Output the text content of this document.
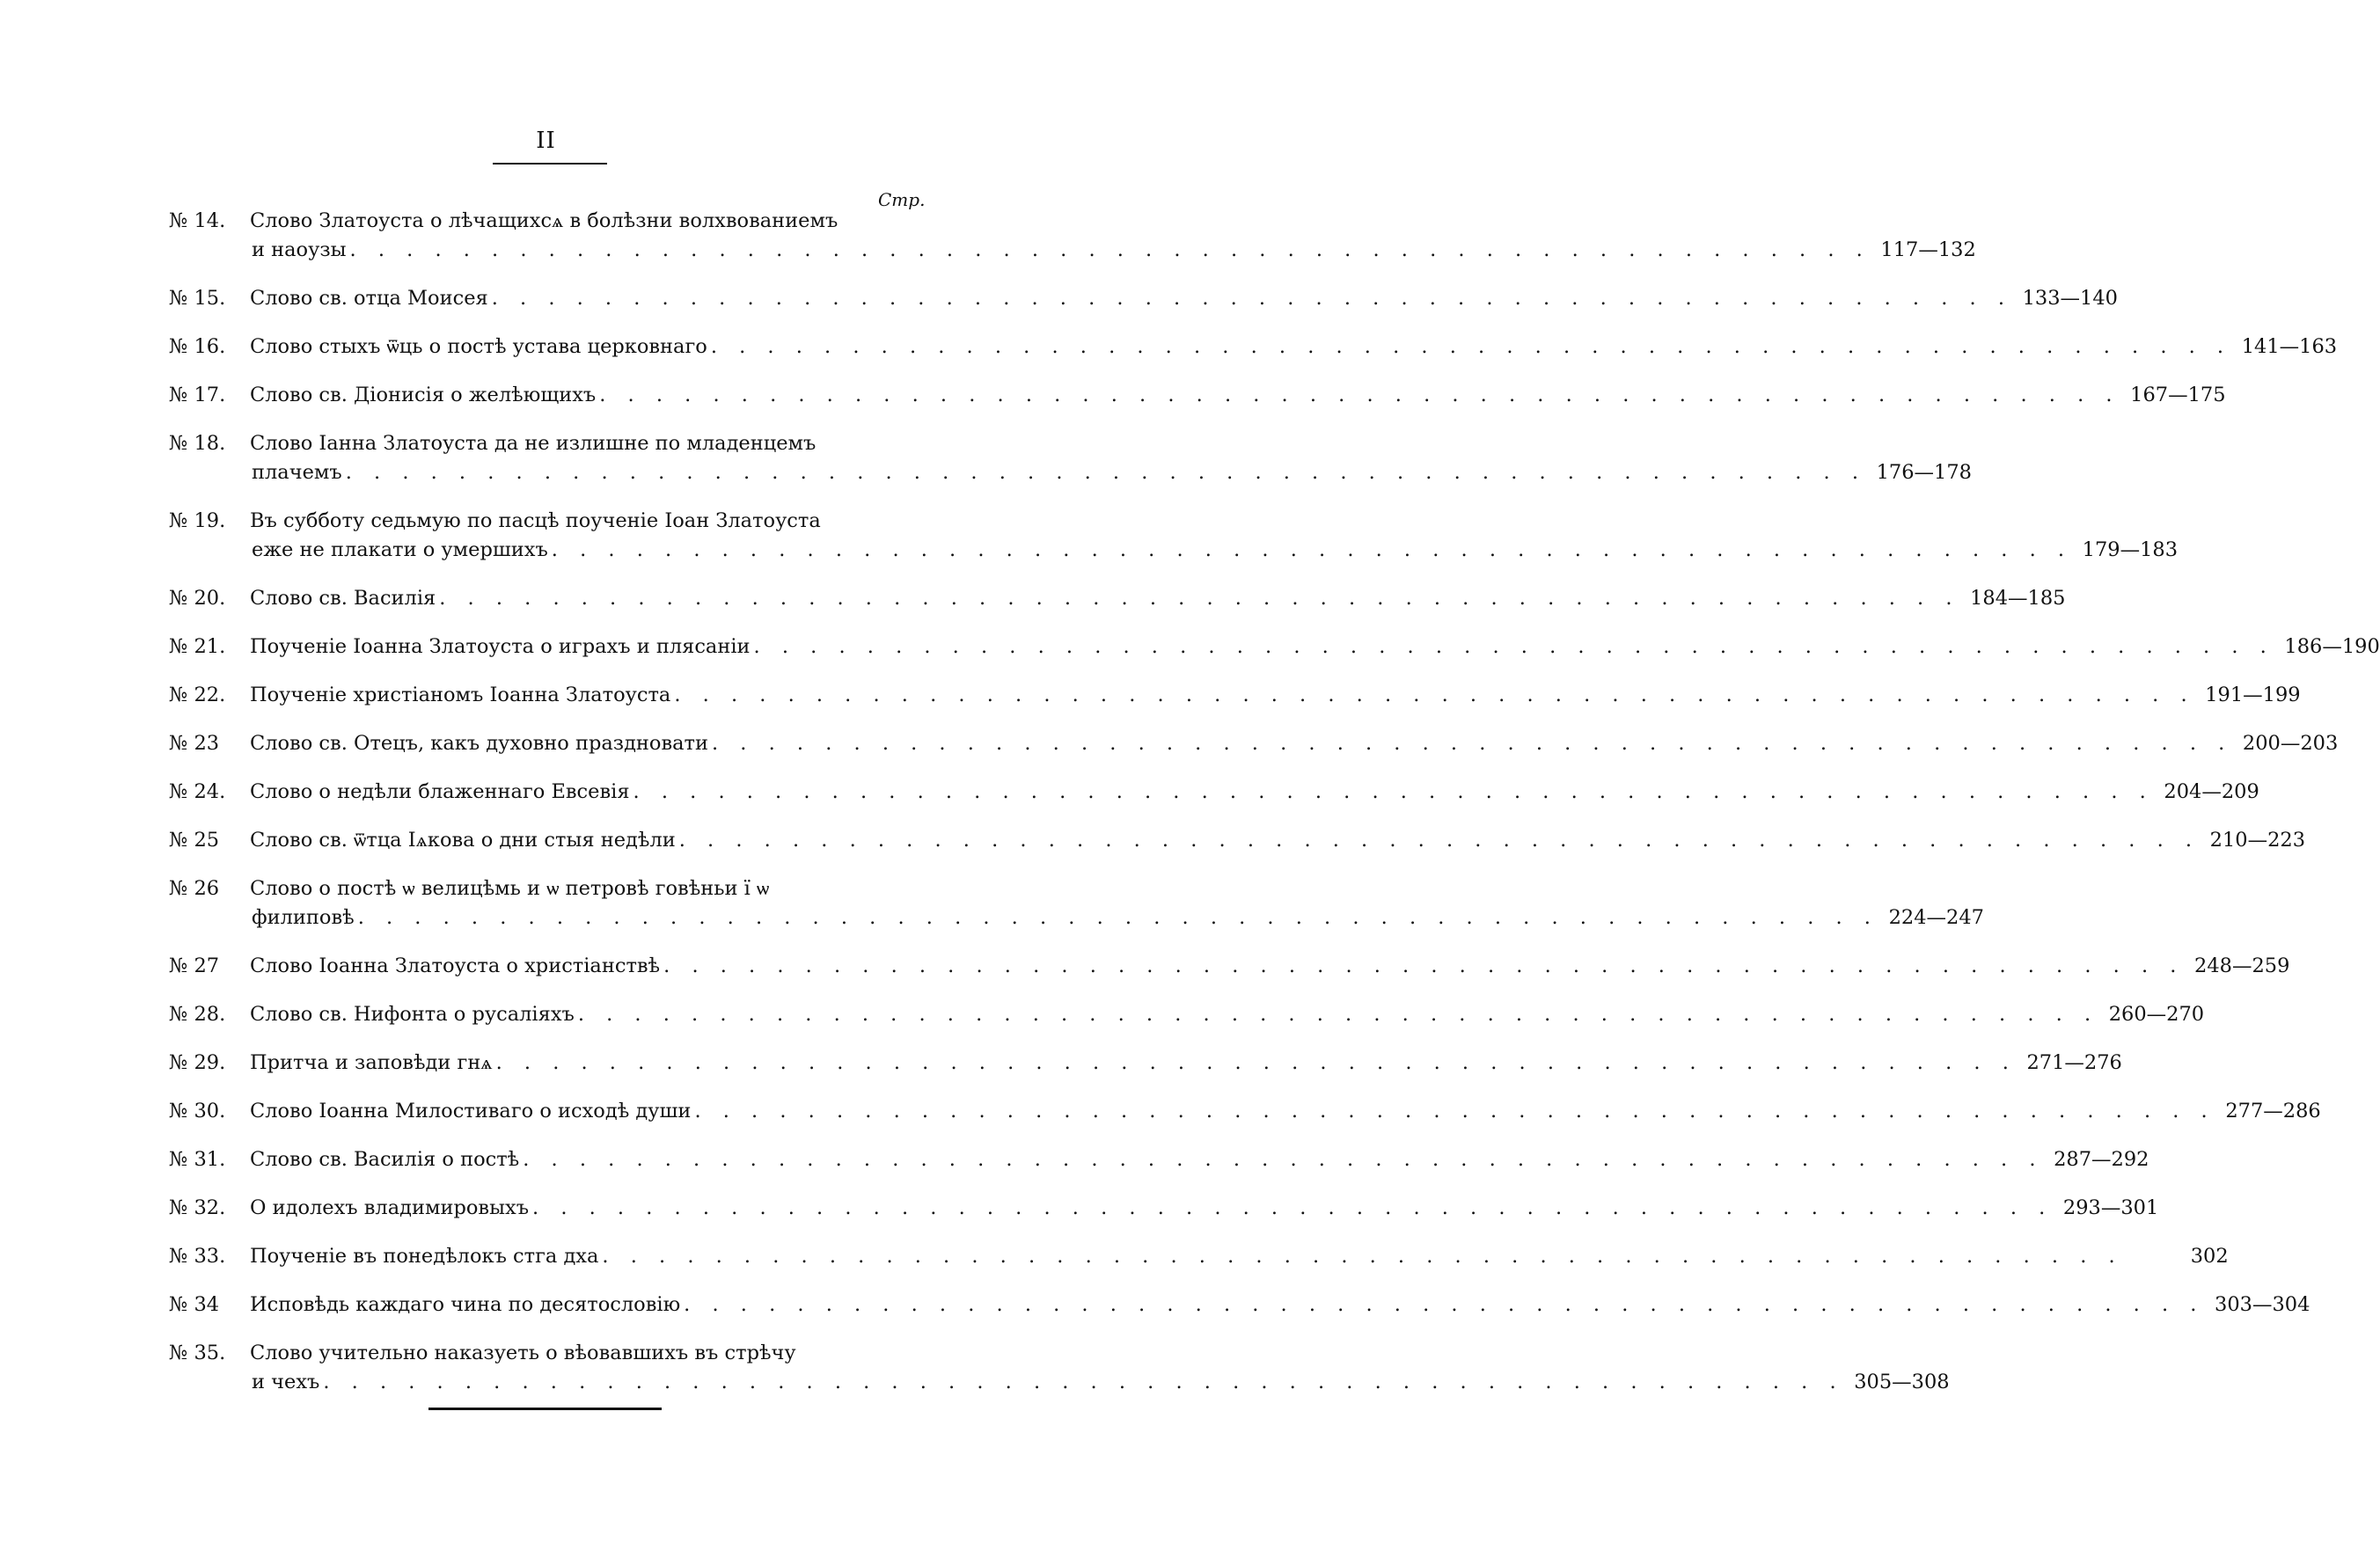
II
Стр.
№ 14.	Слово Златоуста о лѣчащихсѧ в болѣзни волхвованиемъ
и наоузы . . . . . . . . . . . . . . . . . . . . . . . . . . . . . . . . . . . . . . . . . . . . . . . . . . . . . . 117—132
№ 15.	Слово св. отца Моисея . . . . . . . . . . . . . . . . . . . . . . . . . . . . . . . . . . . . . . . . . . . . . . . . . . . . . . 133—140
№ 16.	Слово стыхъ ѿць о постѣ устава церковнаго . . . . . . . . . . . . . . . . . . . . . . . . . . . . . . . . . . . . . . . . . . . . . . . . . . . . . . 141—163
№ 17.	Слово св. Діонисія о желѣющихъ . . . . . . . . . . . . . . . . . . . . . . . . . . . . . . . . . . . . . . . . . . . . . . . . . . . . . . 167—175
№ 18.	Слово Іанна Златоуста да не излишне по младенцемъ
плачемъ . . . . . . . . . . . . . . . . . . . . . . . . . . . . . . . . . . . . . . . . . . . . . . . . . . . . . . 176—178
№ 19.	Въ субботу седьмую по пасцѣ поученіе Іоан Златоуста
еже не плакати о умершихъ . . . . . . . . . . . . . . . . . . . . . . . . . . . . . . . . . . . . . . . . . . . . . . . . . . . . . . 179—183
№ 20.	Слово св. Василія . . . . . . . . . . . . . . . . . . . . . . . . . . . . . . . . . . . . . . . . . . . . . . . . . . . . . . 184—185
№ 21.	Поученіе Іоанна Златоуста о играхъ и плясаніи . . . . . . . . . . . . . . . . . . . . . . . . . . . . . . . . . . . . . . . . . . . . . . . . . . . . . . 186—190
№ 22.	Поученіе христіаномъ Іоанна Златоуста . . . . . . . . . . . . . . . . . . . . . . . . . . . . . . . . . . . . . . . . . . . . . . . . . . . . . . 191—199
№ 23	Слово св. Отецъ, какъ духовно праздновати . . . . . . . . . . . . . . . . . . . . . . . . . . . . . . . . . . . . . . . . . . . . . . . . . . . . . . 200—203
№ 24.	Слово о недѣли блаженнаго Евсевія . . . . . . . . . . . . . . . . . . . . . . . . . . . . . . . . . . . . . . . . . . . . . . . . . . . . . . 204—209
№ 25	Слово св. ѿтца Іѧкова о дни стыя недѣли . . . . . . . . . . . . . . . . . . . . . . . . . . . . . . . . . . . . . . . . . . . . . . . . . . . . . . 210—223
№ 26	Слово о постѣ ѡ велицѣмь и ѡ петровѣ говѣньи ї ѡ
филиповѣ . . . . . . . . . . . . . . . . . . . . . . . . . . . . . . . . . . . . . . . . . . . . . . . . . . . . . . 224—247
№ 27	Слово Іоанна Златоуста о христіанствѣ . . . . . . . . . . . . . . . . . . . . . . . . . . . . . . . . . . . . . . . . . . . . . . . . . . . . . . 248—259
№ 28.	Слово св. Нифонта о русаліяхъ . . . . . . . . . . . . . . . . . . . . . . . . . . . . . . . . . . . . . . . . . . . . . . . . . . . . . . 260—270
№ 29.	Притча и заповѣди гнѧ . . . . . . . . . . . . . . . . . . . . . . . . . . . . . . . . . . . . . . . . . . . . . . . . . . . . . . 271—276
№ 30.	Слово Іоанна Милостиваго о исходѣ души . . . . . . . . . . . . . . . . . . . . . . . . . . . . . . . . . . . . . . . . . . . . . . . . . . . . . . 277—286
№ 31.	Слово св. Василія о постѣ . . . . . . . . . . . . . . . . . . . . . . . . . . . . . . . . . . . . . . . . . . . . . . . . . . . . . . 287—292
№ 32.	О идолехъ владимировыхъ . . . . . . . . . . . . . . . . . . . . . . . . . . . . . . . . . . . . . . . . . . . . . . . . . . . . . . 293—301
№ 33.	Поученіе въ понедѣлокъ стга дха . . . . . . . . . . . . . . . . . . . . . . . . . . . . . . . . . . . . . . . . . . . . . . . . . . . . . .	302
№ 34	Исповѣдь каждаго чина по десятословію . . . . . . . . . . . . . . . . . . . . . . . . . . . . . . . . . . . . . . . . . . . . . . . . . . . . . . 303—304
№ 35.	Слово учительно наказуеть о вѣовавшихъ въ стрѣчу
и чехъ . . . . . . . . . . . . . . . . . . . . . . . . . . . . . . . . . . . . . . . . . . . . . . . . . . . . . . 305—308
